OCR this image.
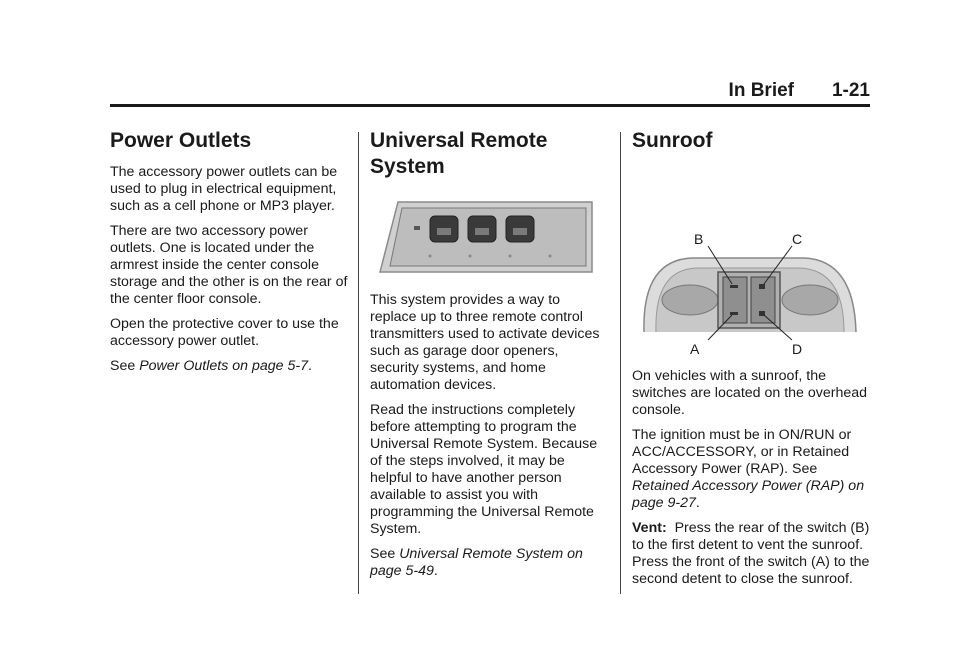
In Brief 1-21
Power Outlets

The accessory power outlets can be used to plug in electrical equipment, such as a cell phone or MP3 player.

There are two accessory power outlets. One is located under the armrest inside the center console storage and the other is on the rear of the center floor console.

Open the protective cover to use the accessory power outlet.

See Power Outlets on page 5-7.

Universal Remote System

This system provides a way to replace up to three remote control transmitters used to activate devices such as garage door openers, security systems, and home automation devices.

Read the instructions completely before attempting to program the Universal Remote System. Because of the steps involved, it may be helpful to have another person available to assist you with programming the Universal Remote System.

See Universal Remote System on page 5-49.

Sunroof
B	C
A	D

On vehicles with a sunroof, the switches are located on the overhead console.

The ignition must be in ON/RUN or ACC/ACCESSORY, or in Retained Accessory Power (RAP). See Retained Accessory Power (RAP) on page 9-27.

Vent:  Press the rear of the switch (B) to the first detent to vent the sunroof. Press the front of the switch (A) to the second detent to close the sunroof.
